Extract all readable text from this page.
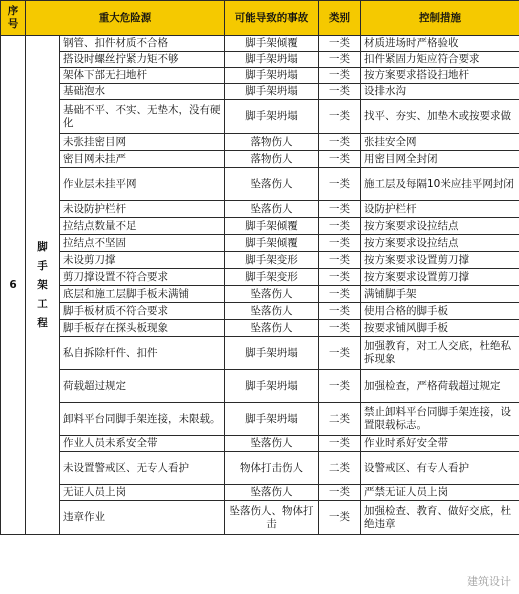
序号	重大危险源		可能导致的事故	类别	控制措施
6	脚手架工程	钢管、扣件材质不合格	脚手架倾覆	一类	材质进场时严格验收
		搭设时螺丝拧紧力矩不够	脚手架坍塌	一类	扣件紧固力矩应符合要求
		架体下部无扫地杆	脚手架坍塌	一类	按方案要求搭设扫地杆
		基础泡水	脚手架坍塌	一类	设排水沟
		基础不平、不实、无垫木，没有硬化	脚手架坍塌	一类	找平、夯实、加垫木或按要求做
		未张挂密目网	落物伤人	一类	张挂安全网
		密目网未挂严	落物伤人	一类	用密目网全封闭
		作业层未挂平网	坠落伤人	一类	施工层及每隔10米应挂平网封闭
		未设防护栏杆	坠落伤人	一类	设防护栏杆
		拉结点数量不足	脚手架倾覆	一类	按方案要求设拉结点
		拉结点不坚固	脚手架倾覆	一类	按方案要求设拉结点
		未设剪刀撑	脚手架变形	一类	按方案要求设置剪刀撑
		剪刀撑设置不符合要求	脚手架变形	一类	按方案要求设置剪刀撑
		底层和施工层脚手板未满铺	坠落伤人	一类	满铺脚手架
		脚手板材质不符合要求	坠落伤人	一类	使用合格的脚手板
		脚手板存在探头板现象	坠落伤人	一类	按要求铺风脚手板
		私自拆除杆件、扣件	脚手架坍塌	一类	加强教育，对工人交底，杜绝私拆现象
		荷载超过规定	脚手架坍塌	一类	加强检查，严格荷载超过规定
		卸料平台同脚手架连接，未限载。	脚手架坍塌	二类	禁止卸料平台同脚手架连接，设置限载标志。
		作业人员未系安全带	坠落伤人	一类	作业时系好安全带
		未设置警戒区、无专人看护	物体打击伤人	二类	设警戒区、有专人看护
		无证人员上岗	坠落伤人	一类	严禁无证人员上岗
		违章作业	坠落伤人、物体打击	一类	加强检查、教育、做好交底，杜绝违章
建筑设计
